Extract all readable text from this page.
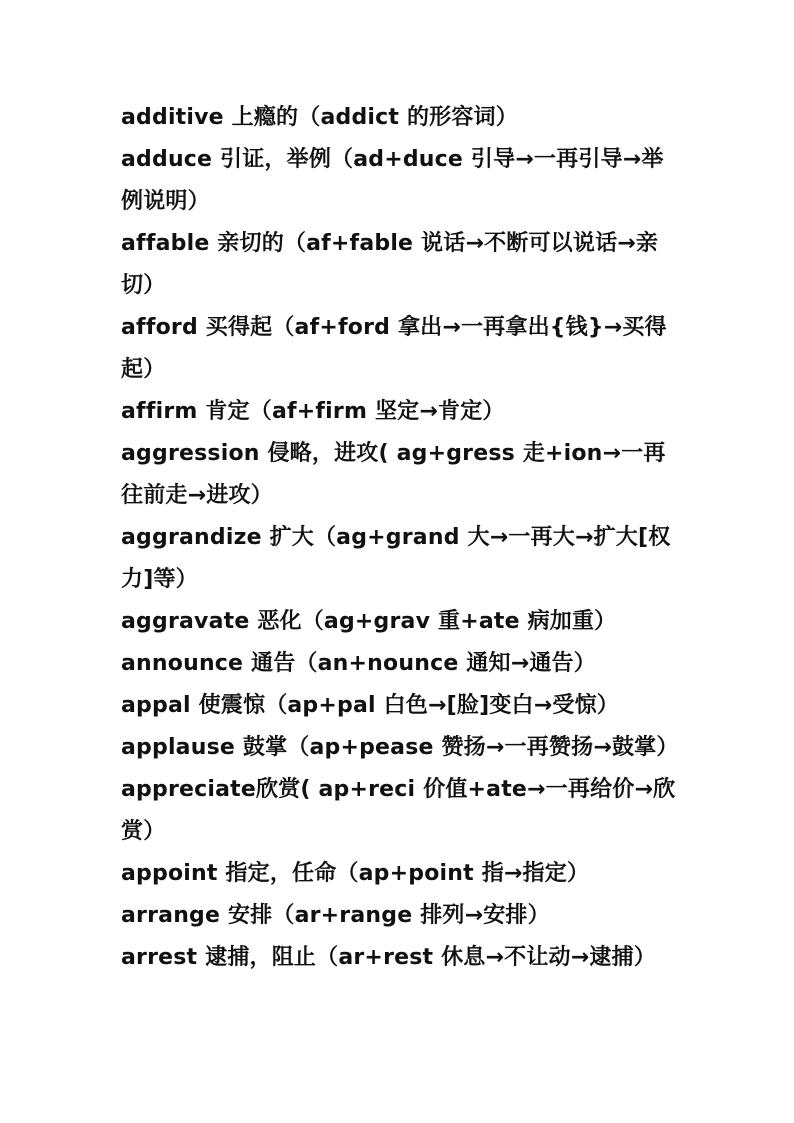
additive 上瘾的（addict 的形容词）

adduce 引证，举例（ad+duce 引导→一再引导→举例说明）

affable 亲切的（af+fable 说话→不断可以说话→亲切）

afford 买得起（af+ford 拿出→一再拿出{钱}→买得起）

affirm 肯定（af+firm 坚定→肯定）

aggression 侵略，进攻( ag+gress 走+ion→一再往前走→进攻）

aggrandize 扩大（ag+grand 大→一再大→扩大[权力]等）

aggravate 恶化（ag+grav 重+ate 病加重）

announce 通告（an+nounce 通知→通告）

appal 使震惊（ap+pal 白色→[脸]变白→受惊）

applause 鼓掌（ap+pease 赞扬→一再赞扬→鼓掌）

appreciate欣赏( ap+reci 价值+ate→一再给价→欣赏）

appoint 指定，任命（ap+point 指→指定）

arrange 安排（ar+range 排列→安排）

arrest 逮捕，阻止（ar+rest 休息→不让动→逮捕）
